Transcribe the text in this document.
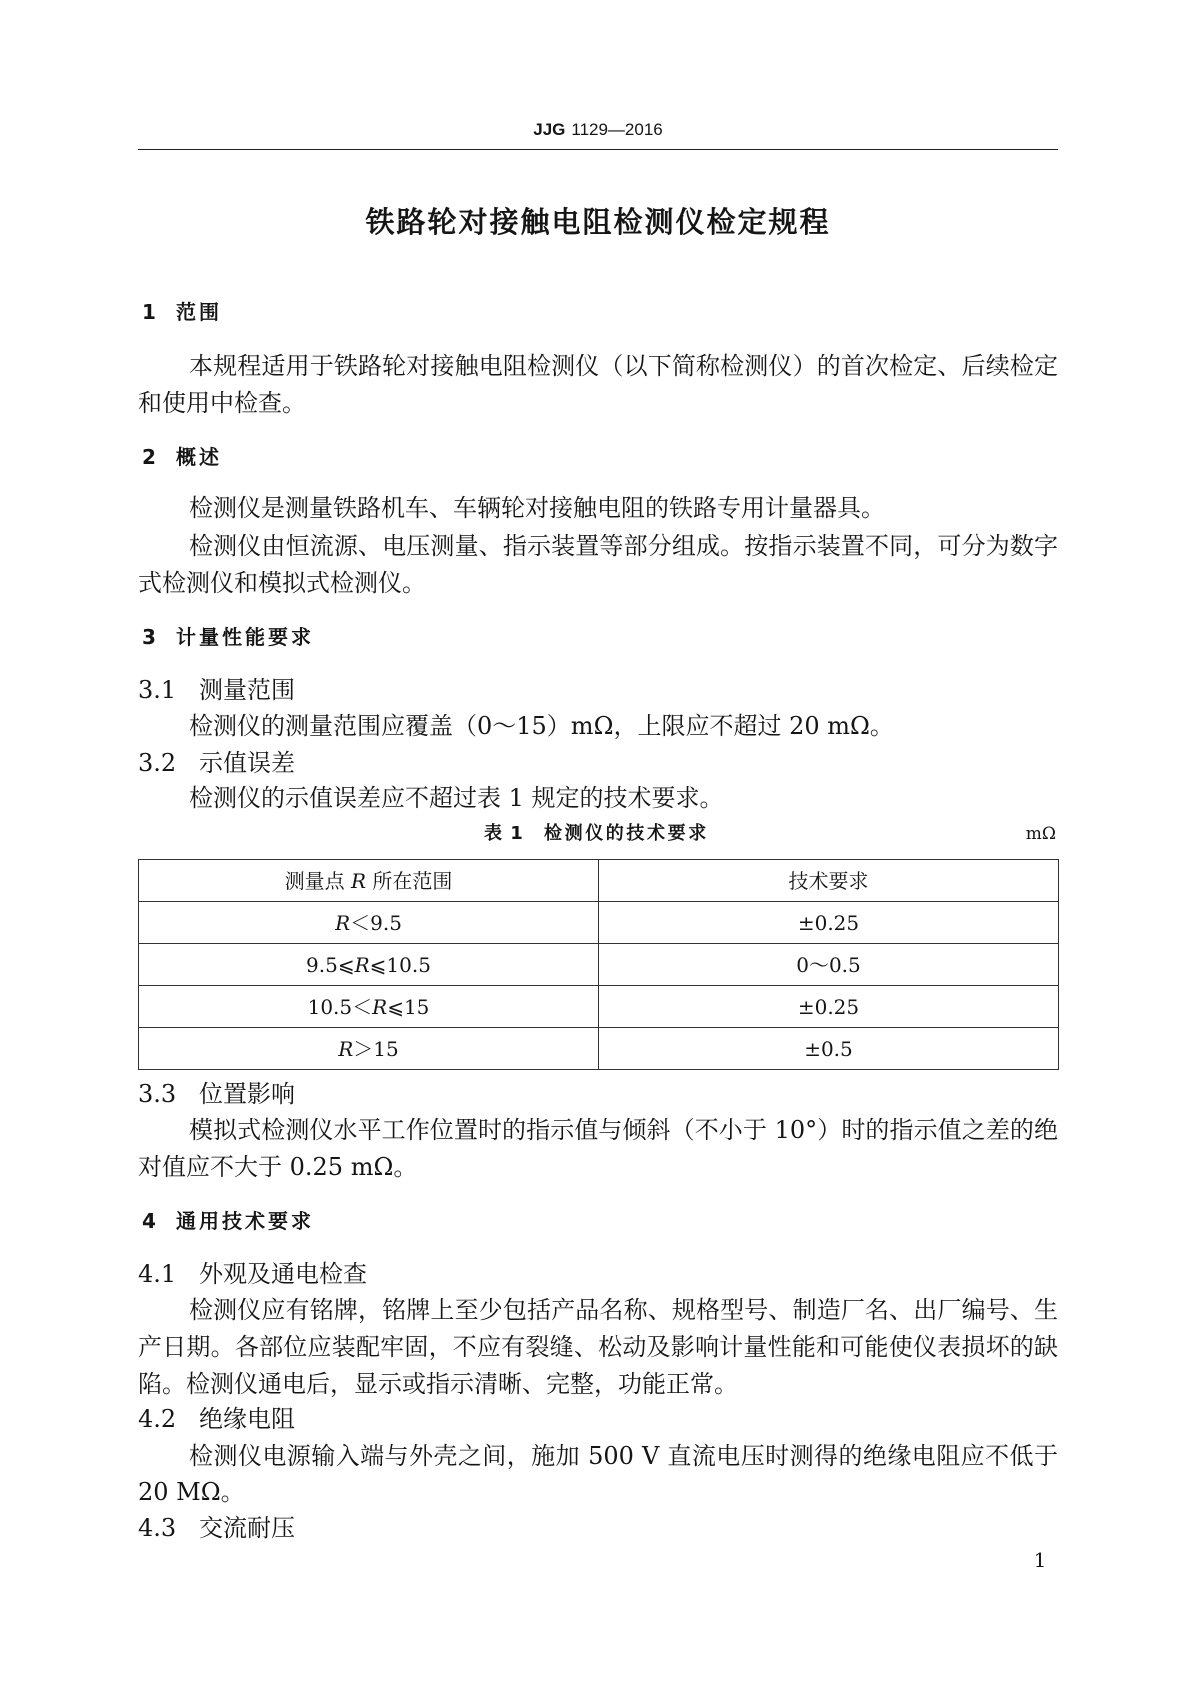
JJG 1129—2016
铁路轮对接触电阻检测仪检定规程
1 范围
本规程适用于铁路轮对接触电阻检测仪（以下简称检测仪）的首次检定、后续检定
和使用中检查。
2 概述
检测仪是测量铁路机车、车辆轮对接触电阻的铁路专用计量器具。
检测仪由恒流源、电压测量、指示装置等部分组成。按指示装置不同，可分为数字
式检测仪和模拟式检测仪。
3 计量性能要求
3.1 测量范围
检测仪的测量范围应覆盖（0～15）mΩ，上限应不超过 20 mΩ。
3.2 示值误差
检测仪的示值误差应不超过表 1 规定的技术要求。
表 1 检测仪的技术要求	mΩ
测量点 R 所在范围	技术要求
R＜9.5	±0.25
9.5⩽R⩽10.5	0～0.5
10.5＜R⩽15	±0.25
R＞15	±0.5
3.3 位置影响
模拟式检测仪水平工作位置时的指示值与倾斜（不小于 10°）时的指示值之差的绝
对值应不大于 0.25 mΩ。
4 通用技术要求
4.1 外观及通电检查
检测仪应有铭牌，铭牌上至少包括产品名称、规格型号、制造厂名、出厂编号、生
产日期。各部位应装配牢固，不应有裂缝、松动及影响计量性能和可能使仪表损坏的缺
陷。检测仪通电后，显示或指示清晰、完整，功能正常。
4.2 绝缘电阻
检测仪电源输入端与外壳之间，施加 500 V 直流电压时测得的绝缘电阻应不低于
20 MΩ。
4.3 交流耐压
1
